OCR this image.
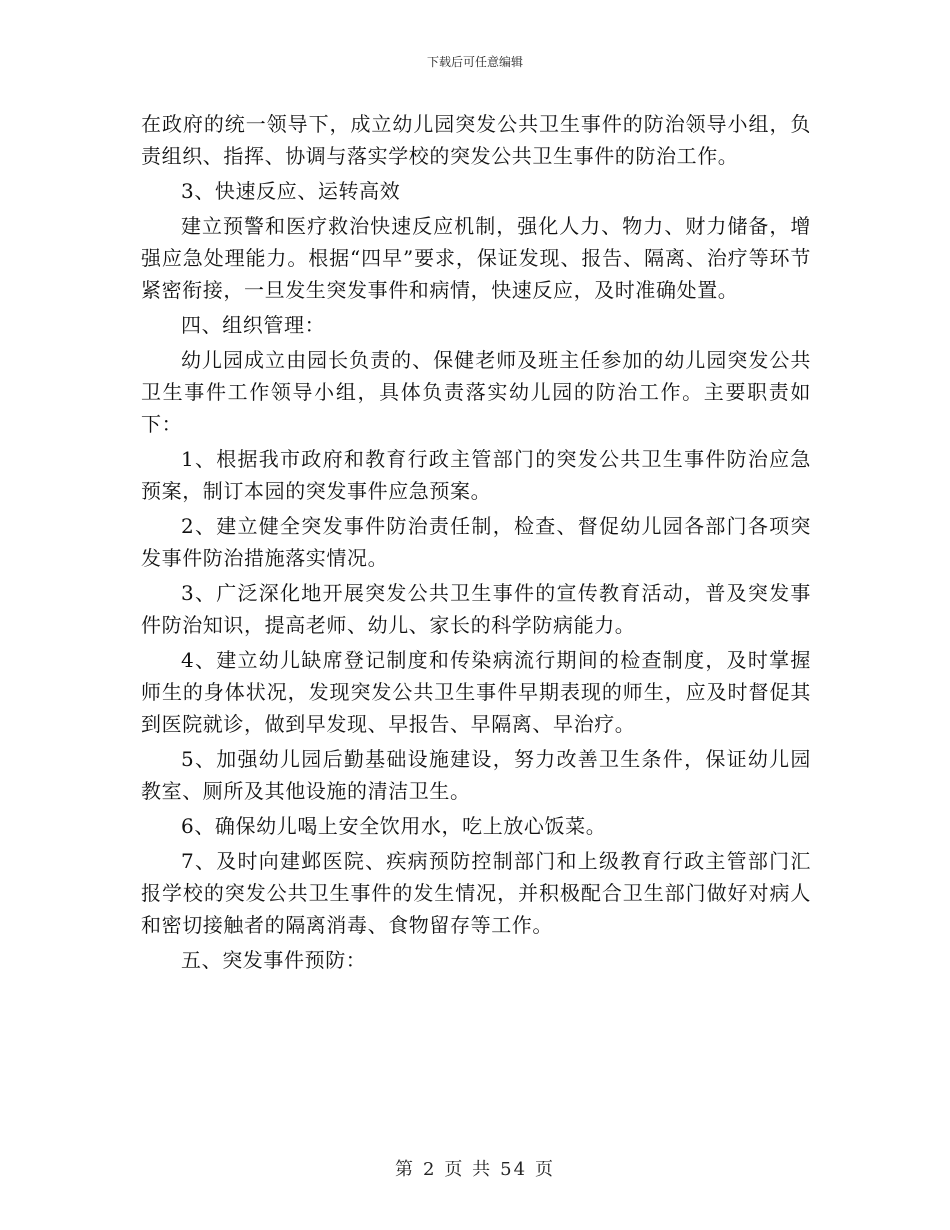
下载后可任意编辑

在政府的统一领导下，成立幼儿园突发公共卫生事件的防治领导小组，负责组织、指挥、协调与落实学校的突发公共卫生事件的防治工作。

3、快速反应、运转高效

建立预警和医疗救治快速反应机制，强化人力、物力、财力储备，增强应急处理能力。根据“四早”要求，保证发现、报告、隔离、治疗等环节紧密衔接，一旦发生突发事件和病情，快速反应，及时准确处置。

四、组织管理：

幼儿园成立由园长负责的、保健老师及班主任参加的幼儿园突发公共卫生事件工作领导小组，具体负责落实幼儿园的防治工作。主要职责如下：

1、根据我市政府和教育行政主管部门的突发公共卫生事件防治应急预案，制订本园的突发事件应急预案。

2、建立健全突发事件防治责任制，检查、督促幼儿园各部门各项突发事件防治措施落实情况。

3、广泛深化地开展突发公共卫生事件的宣传教育活动，普及突发事件防治知识，提高老师、幼儿、家长的科学防病能力。

4、建立幼儿缺席登记制度和传染病流行期间的检查制度，及时掌握师生的身体状况，发现突发公共卫生事件早期表现的师生，应及时督促其到医院就诊，做到早发现、早报告、早隔离、早治疗。

5、加强幼儿园后勤基础设施建设，努力改善卫生条件，保证幼儿园教室、厕所及其他设施的清洁卫生。

6、确保幼儿喝上安全饮用水，吃上放心饭菜。

7、及时向建邺医院、疾病预防控制部门和上级教育行政主管部门汇报学校的突发公共卫生事件的发生情况，并积极配合卫生部门做好对病人和密切接触者的隔离消毒、食物留存等工作。

五、突发事件预防：

第 2 页 共 54 页
